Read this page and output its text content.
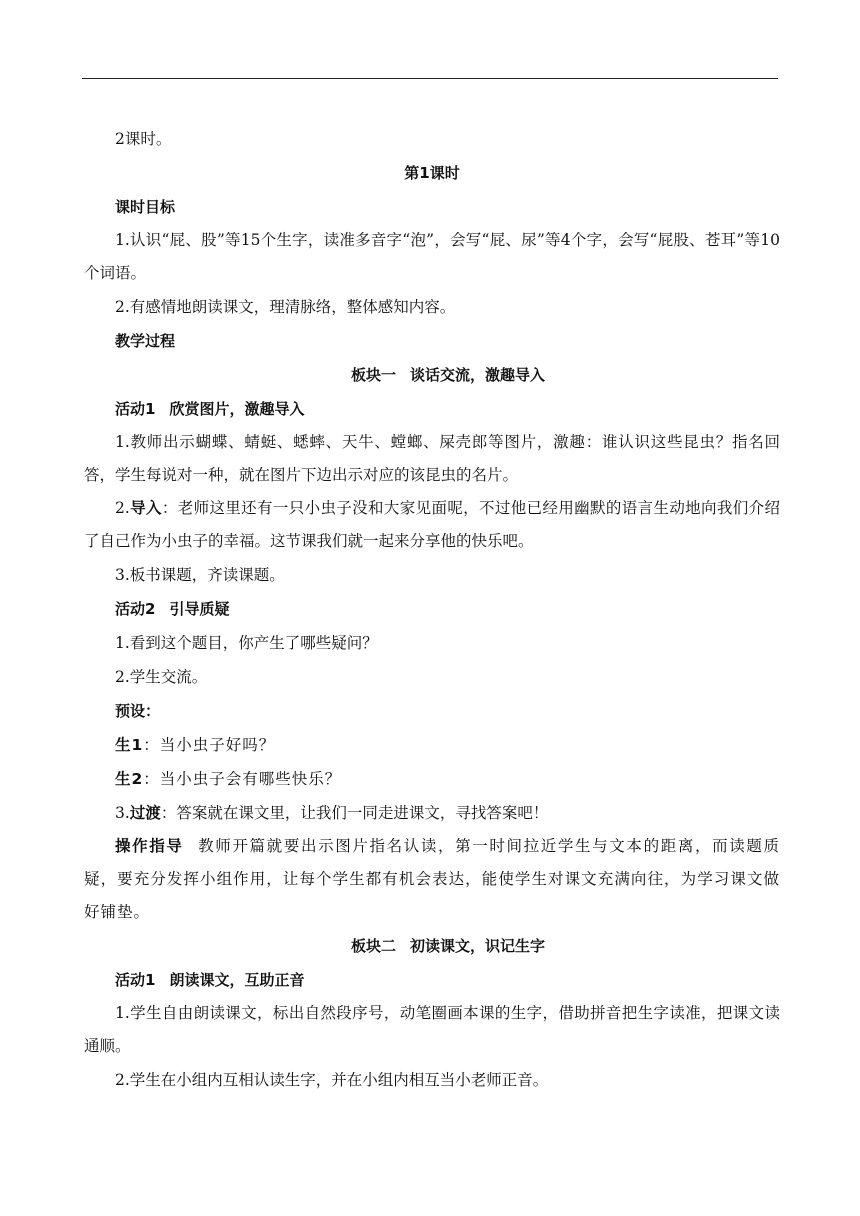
2课时。

第1课时

课时目标

1.认识“屁、股”等15个生字，读准多音字“泡”，会写“屁、尿”等4个字，会写“屁股、苍耳”等10个词语。

2.有感情地朗读课文，理清脉络，整体感知内容。

教学过程

板块一 谈话交流，激趣导入

活动1 欣赏图片，激趣导入

1.教师出示蝴蝶、蜻蜓、蟋蟀、天牛、螳螂、屎壳郎等图片，激趣：谁认识这些昆虫？指名回答，学生每说对一种，就在图片下边出示对应的该昆虫的名片。

2.导入：老师这里还有一只小虫子没和大家见面呢，不过他已经用幽默的语言生动地向我们介绍了自己作为小虫子的幸福。这节课我们就一起来分享他的快乐吧。

3.板书课题，齐读课题。

活动2 引导质疑

1.看到这个题目，你产生了哪些疑问？

2.学生交流。

预设：

生1：当小虫子好吗？

生2：当小虫子会有哪些快乐？

3.过渡：答案就在课文里，让我们一同走进课文，寻找答案吧！

操作指导 教师开篇就要出示图片指名认读，第一时间拉近学生与文本的距离，而读题质疑，要充分发挥小组作用，让每个学生都有机会表达，能使学生对课文充满向往，为学习课文做好铺垫。

板块二 初读课文，识记生字

活动1 朗读课文，互助正音

1.学生自由朗读课文，标出自然段序号，动笔圈画本课的生字，借助拼音把生字读准，把课文读通顺。

2.学生在小组内互相认读生字，并在小组内相互当小老师正音。
